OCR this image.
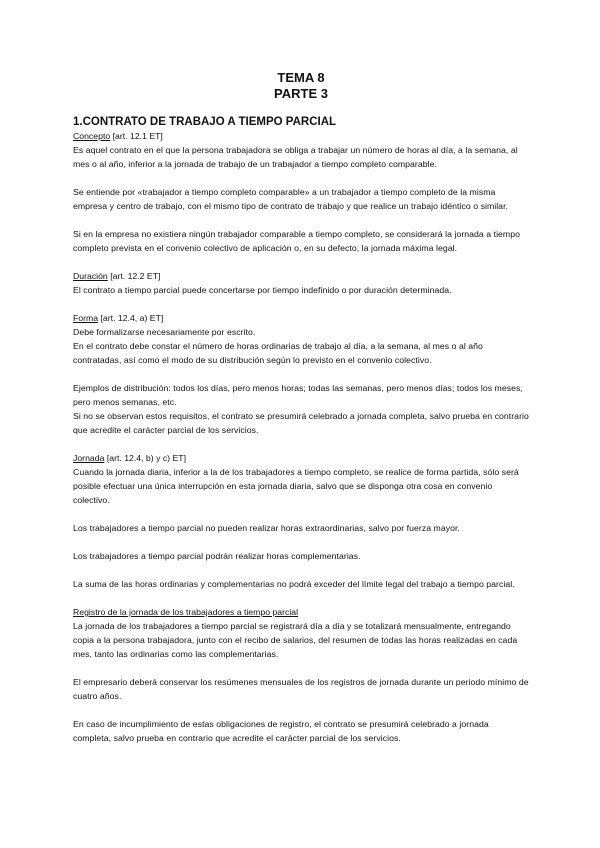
TEMA 8
PARTE 3
1.CONTRATO DE TRABAJO A TIEMPO PARCIAL
Concepto [art. 12.1 ET]

Es aquel contrato en el que la persona trabajadora se obliga a trabajar un número de horas al día, a la semana, al mes o al año, inferior a la jornada de trabajo de un trabajador a tiempo completo comparable.

Se entiende por «trabajador a tiempo completo comparable» a un trabajador a tiempo completo de la misma empresa y centro de trabajo, con el mismo tipo de contrato de trabajo y que realice un trabajo idéntico o similar.

Si en la empresa no existiera ningún trabajador comparable a tiempo completo, se considerará la jornada a tiempo completo prevista en el convenio colectivo de aplicación o, en su defecto, la jornada máxima legal.

Duración [art. 12.2 ET]

El contrato a tiempo parcial puede concertarse por tiempo indefinido o por duración determinada.

Forma [art. 12.4, a) ET]

Debe formalizarse necesariamente por escrito.

En el contrato debe constar el número de horas ordinarias de trabajo al día, a la semana, al mes o al año contratadas, así como el modo de su distribución según lo previsto en el convenio colectivo.

Ejemplos de distribución: todos los días, pero menos horas; todas las semanas, pero menos días; todos los meses, pero menos semanas, etc.

Si no se observan estos requisitos, el contrato se presumirá celebrado a jornada completa, salvo prueba en contrario que acredite el carácter parcial de los servicios.

Jornada [art. 12.4, b) y c) ET]

Cuando la jornada diaria, inferior a la de los trabajadores a tiempo completo, se realice de forma partida, sólo será posible efectuar una única interrupción en esta jornada diaria, salvo que se disponga otra cosa en convenio colectivo.

Los trabajadores a tiempo parcial no pueden realizar horas extraordinarias, salvo por fuerza mayor.

Los trabajadores a tiempo parcial podrán realizar horas complementarias.

La suma de las horas ordinarias y complementarias no podrá exceder del límite legal del trabajo a tiempo parcial.

Registro de la jornada de los trabajadores a tiempo parcial

La jornada de los trabajadores a tiempo parcial se registrará día a día y se totalizará mensualmente, entregando copia a la persona trabajadora, junto con el recibo de salarios, del resumen de todas las horas realizadas en cada mes, tanto las ordinarias como las complementarias.

El empresario deberá conservar los resúmenes mensuales de los registros de jornada durante un periodo mínimo de cuatro años.

En caso de incumplimiento de estas obligaciones de registro, el contrato se presumirá celebrado a jornada completa, salvo prueba en contrario que acredite el carácter parcial de los servicios.
